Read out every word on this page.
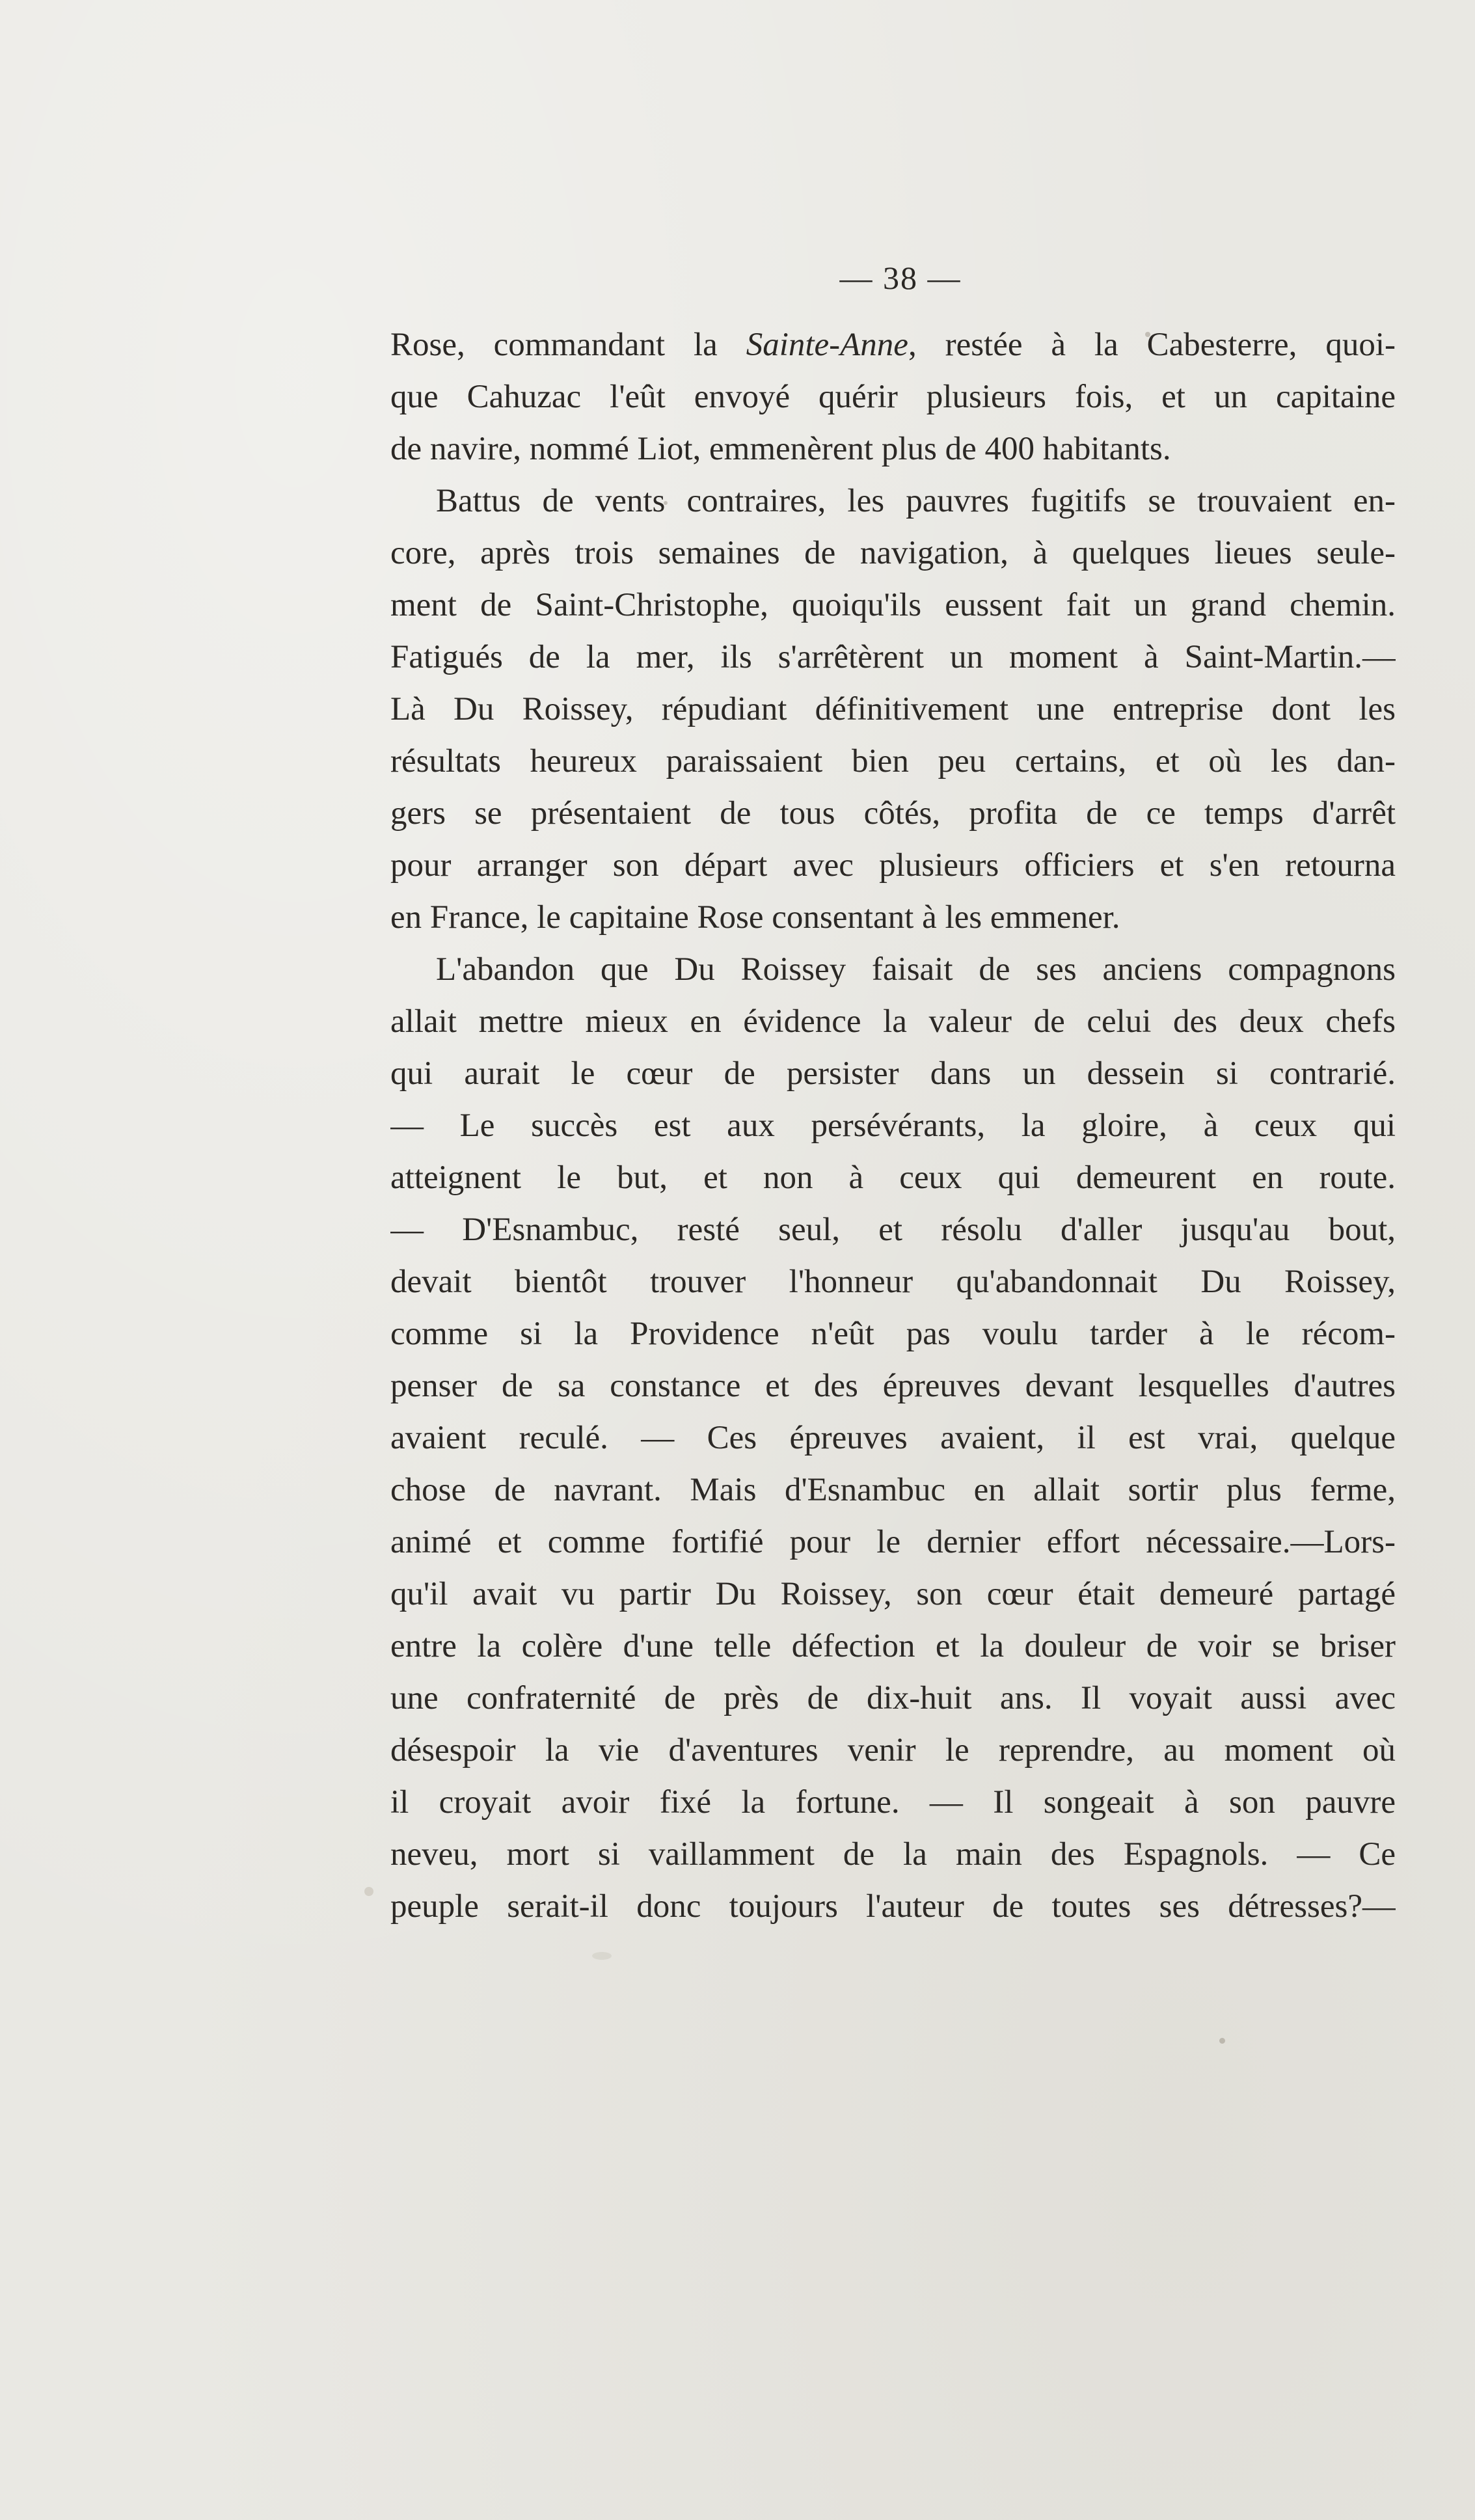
— 38 —
Rose, commandant la Sainte-Anne, restée à la Cabesterre, quoi-
que Cahuzac l'eût envoyé quérir plusieurs fois, et un capitaine
de navire, nommé Liot, emmenèrent plus de 400 habitants.
Battus de vents contraires, les pauvres fugitifs se trouvaient en-
core, après trois semaines de navigation, à quelques lieues seule-
ment de Saint-Christophe, quoiqu'ils eussent fait un grand chemin.
Fatigués de la mer, ils s'arrêtèrent un moment à Saint-Martin.—
Là Du Roissey, répudiant définitivement une entreprise dont les
résultats heureux paraissaient bien peu certains, et où les dan-
gers se présentaient de tous côtés, profita de ce temps d'arrêt
pour arranger son départ avec plusieurs officiers et s'en retourna
en France, le capitaine Rose consentant à les emmener.
L'abandon que Du Roissey faisait de ses anciens compagnons
allait mettre mieux en évidence la valeur de celui des deux chefs
qui aurait le cœur de persister dans un dessein si contrarié.
— Le succès est aux persévérants, la gloire, à ceux qui
atteignent le but, et non à ceux qui demeurent en route.
— D'Esnambuc, resté seul, et résolu d'aller jusqu'au bout,
devait bientôt trouver l'honneur qu'abandonnait Du Roissey,
comme si la Providence n'eût pas voulu tarder à le récom-
penser de sa constance et des épreuves devant lesquelles d'autres
avaient reculé. — Ces épreuves avaient, il est vrai, quelque
chose de navrant. Mais d'Esnambuc en allait sortir plus ferme,
animé et comme fortifié pour le dernier effort nécessaire.—Lors-
qu'il avait vu partir Du Roissey, son cœur était demeuré partagé
entre la colère d'une telle défection et la douleur de voir se briser
une confraternité de près de dix-huit ans. Il voyait aussi avec
désespoir la vie d'aventures venir le reprendre, au moment où
il croyait avoir fixé la fortune. — Il songeait à son pauvre
neveu, mort si vaillamment de la main des Espagnols. — Ce
peuple serait-il donc toujours l'auteur de toutes ses détresses?—
